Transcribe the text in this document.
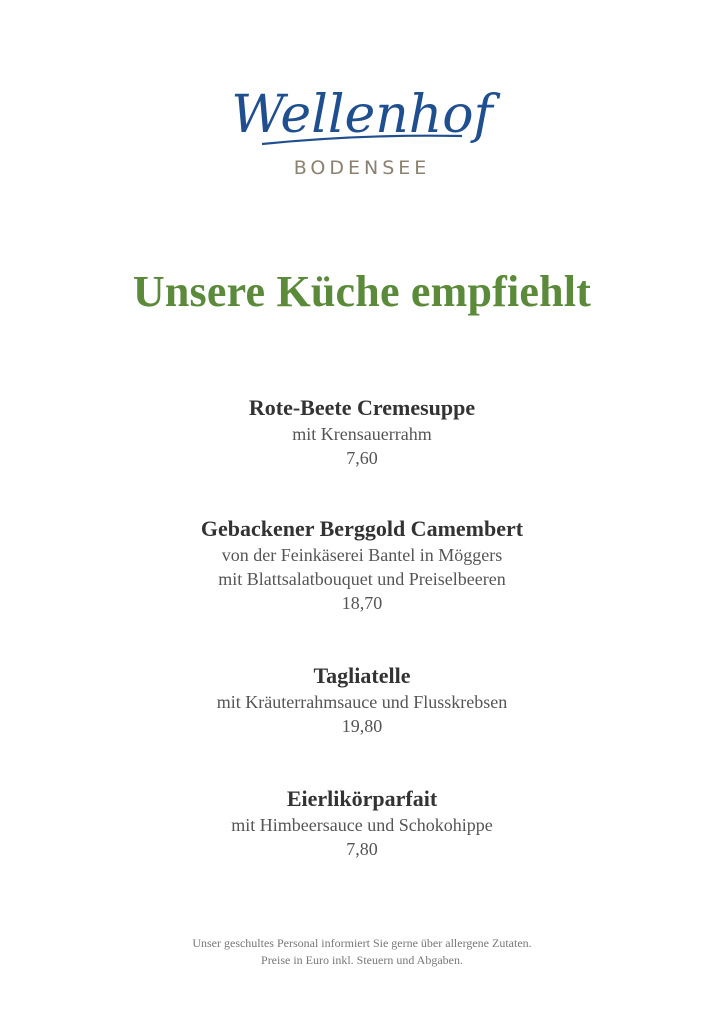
Wellenhof
BODENSEE
Unsere Küche empfiehlt
Rote-Beete Cremesuppe
mit Krensauerrahm
7,60
Gebackener Berggold Camembert
von der Feinkäserei Bantel in Möggers
mit Blattsalatbouquet und Preiselbeeren
18,70
Tagliatelle
mit Kräuterrahmsauce und Flusskrebsen
19,80
Eierlikörparfait
mit Himbeersauce und Schokohippe
7,80
Unser geschultes Personal informiert Sie gerne über allergene Zutaten.
Preise in Euro inkl. Steuern und Abgaben.
